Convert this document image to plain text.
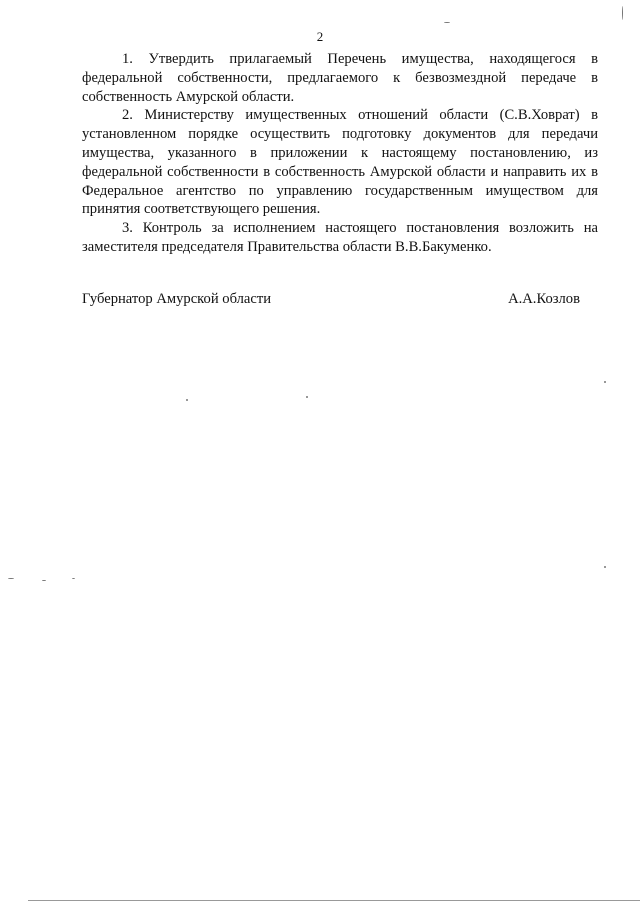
2

1. Утвердить прилагаемый Перечень имущества, находящегося в федеральной собственности, предлагаемого к безвозмездной передаче в собственность Амурской области.

2. Министерству имущественных отношений области (С.В.Ховрат) в установленном порядке осуществить подготовку документов для передачи имущества, указанного в приложении к настоящему постановлению, из федеральной собственности в собственность Амурской области и направить их в Федеральное агентство по управлению государственным имуществом для принятия соответствующего решения.

3. Контроль за исполнением настоящего постановления возложить на заместителя председателя Правительства области В.В.Бакуменко.

Губернатор Амурской области	А.А.Козлов
